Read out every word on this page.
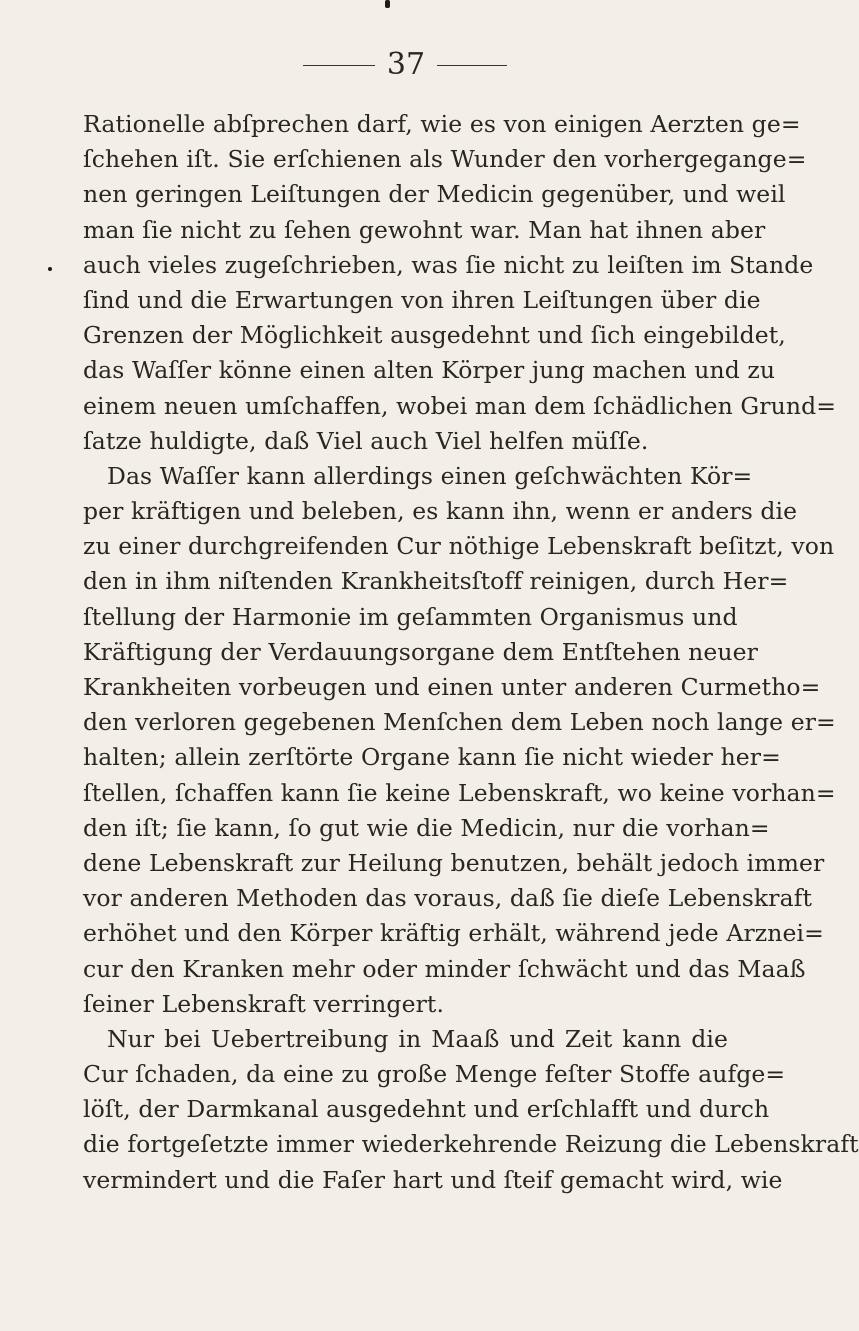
37
Rationelle abſprechen darf, wie es von einigen Aerzten ge=
ſchehen iſt. Sie erſchienen als Wunder den vorhergegange=
nen geringen Leiſtungen der Medicin gegenüber, und weil
man ſie nicht zu ſehen gewohnt war. Man hat ihnen aber
auch vieles zugeſchrieben, was ſie nicht zu leiſten im Stande
ſind und die Erwartungen von ihren Leiſtungen über die
Grenzen der Möglichkeit ausgedehnt und ſich eingebildet,
das Waſſer könne einen alten Körper jung machen und zu
einem neuen umſchaffen, wobei man dem ſchädlichen Grund=
ſatze huldigte, daß Viel auch Viel helfen müſſe.
Das Waſſer kann allerdings einen geſchwächten Kör=
per kräftigen und beleben, es kann ihn, wenn er anders die
zu einer durchgreifenden Cur nöthige Lebenskraft beſitzt, von
den in ihm niſtenden Krankheitsſtoff reinigen, durch Her=
ſtellung der Harmonie im geſammten Organismus und
Kräftigung der Verdauungsorgane dem Entſtehen neuer
Krankheiten vorbeugen und einen unter anderen Curmetho=
den verloren gegebenen Menſchen dem Leben noch lange er=
halten; allein zerſtörte Organe kann ſie nicht wieder her=
ſtellen, ſchaffen kann ſie keine Lebenskraft, wo keine vorhan=
den iſt; ſie kann, ſo gut wie die Medicin, nur die vorhan=
dene Lebenskraft zur Heilung benutzen, behält jedoch immer
vor anderen Methoden das voraus, daß ſie dieſe Lebenskraft
erhöhet und den Körper kräftig erhält, während jede Arznei=
cur den Kranken mehr oder minder ſchwächt und das Maaß
ſeiner Lebenskraft verringert.
Nur bei Uebertreibung in Maaß und Zeit kann die
Cur ſchaden, da eine zu große Menge feſter Stoffe aufge=
löſt, der Darmkanal ausgedehnt und erſchlafft und durch
die fortgeſetzte immer wiederkehrende Reizung die Lebenskraft
vermindert und die Faſer hart und ſteif gemacht wird, wie
